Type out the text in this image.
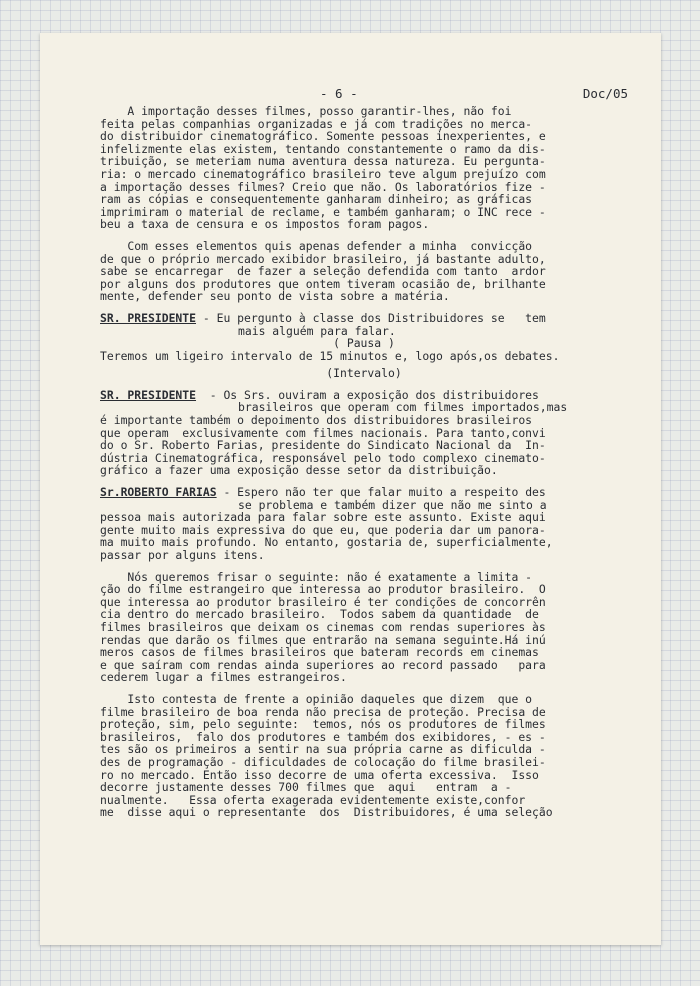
- 6 -	Doc/05
A importação desses filmes, posso garantir-lhes, não foi
feita pelas companhias organizadas e já com tradições no merca-
do distribuidor cinematográfico. Somente pessoas inexperientes, e
infelizmente elas existem, tentando constantemente o ramo da dis-
tribuição, se meteriam numa aventura dessa natureza. Eu pergunta-
ria: o mercado cinematográfico brasileiro teve algum prejuízo com
a importação desses filmes? Creio que não. Os laboratórios fize -
ram as cópias e consequentemente ganharam dinheiro; as gráficas
imprimiram o material de reclame, e também ganharam; o INC rece -
beu a taxa de censura e os impostos foram pagos.
Com esses elementos quis apenas defender a minha  convicção
de que o próprio mercado exibidor brasileiro, já bastante adulto,
sabe se encarregar  de fazer a seleção defendida com tanto  ardor
por alguns dos produtores que ontem tiveram ocasião de, brilhante
mente, defender seu ponto de vista sobre a matéria.
SR. PRESIDENTE - Eu pergunto à classe dos Distribuidores se   tem
mais alguém para falar.
( Pausa )
Teremos um ligeiro intervalo de 15 minutos e, logo após,os debates.
(Intervalo)
SR. PRESIDENTE - Os Srs. ouviram a exposição dos distribuidores
brasileiros que operam com filmes importados,mas
é importante também o depoimento dos distribuidores brasileiros
que operam  exclusivamente com filmes nacionais. Para tanto,convi
do o Sr. Roberto Farias, presidente do Sindicato Nacional da  In-
dústria Cinematográfica, responsável pelo todo complexo cinemato-
gráfico a fazer uma exposição desse setor da distribuição.
Sr.ROBERTO FARIAS - Espero não ter que falar muito a respeito des
se problema e também dizer que não me sinto a
pessoa mais autorizada para falar sobre este assunto. Existe aqui
gente muito mais expressiva do que eu, que poderia dar um panora-
ma muito mais profundo. No entanto, gostaria de, superficialmente,
passar por alguns itens.
Nós queremos frisar o seguinte: não é exatamente a limita -
ção do filme estrangeiro que interessa ao produtor brasileiro.  O
que interessa ao produtor brasileiro é ter condições de concorrên
cia dentro do mercado brasileiro.  Todos sabem da quantidade  de
filmes brasileiros que deixam os cinemas com rendas superiores às
rendas que darão os filmes que entrarão na semana seguinte.Há inú
meros casos de filmes brasileiros que bateram records em cinemas
e que saíram com rendas ainda superiores ao record passado   para
cederem lugar a filmes estrangeiros.
Isto contesta de frente a opinião daqueles que dizem  que o
filme brasileiro de boa renda não precisa de proteção. Precisa de
proteção, sim, pelo seguinte:  temos, nós os produtores de filmes
brasileiros,  falo dos produtores e também dos exibidores, - es -
tes são os primeiros a sentir na sua própria carne as dificulda -
des de programação - dificuldades de colocação do filme brasilei-
ro no mercado. Então isso decorre de uma oferta excessiva.  Isso
decorre justamente desses 700 filmes que  aqui   entram  a -
nualmente.   Essa oferta exagerada evidentemente existe,confor
me  disse aqui o representante  dos  Distribuidores, é uma seleção
